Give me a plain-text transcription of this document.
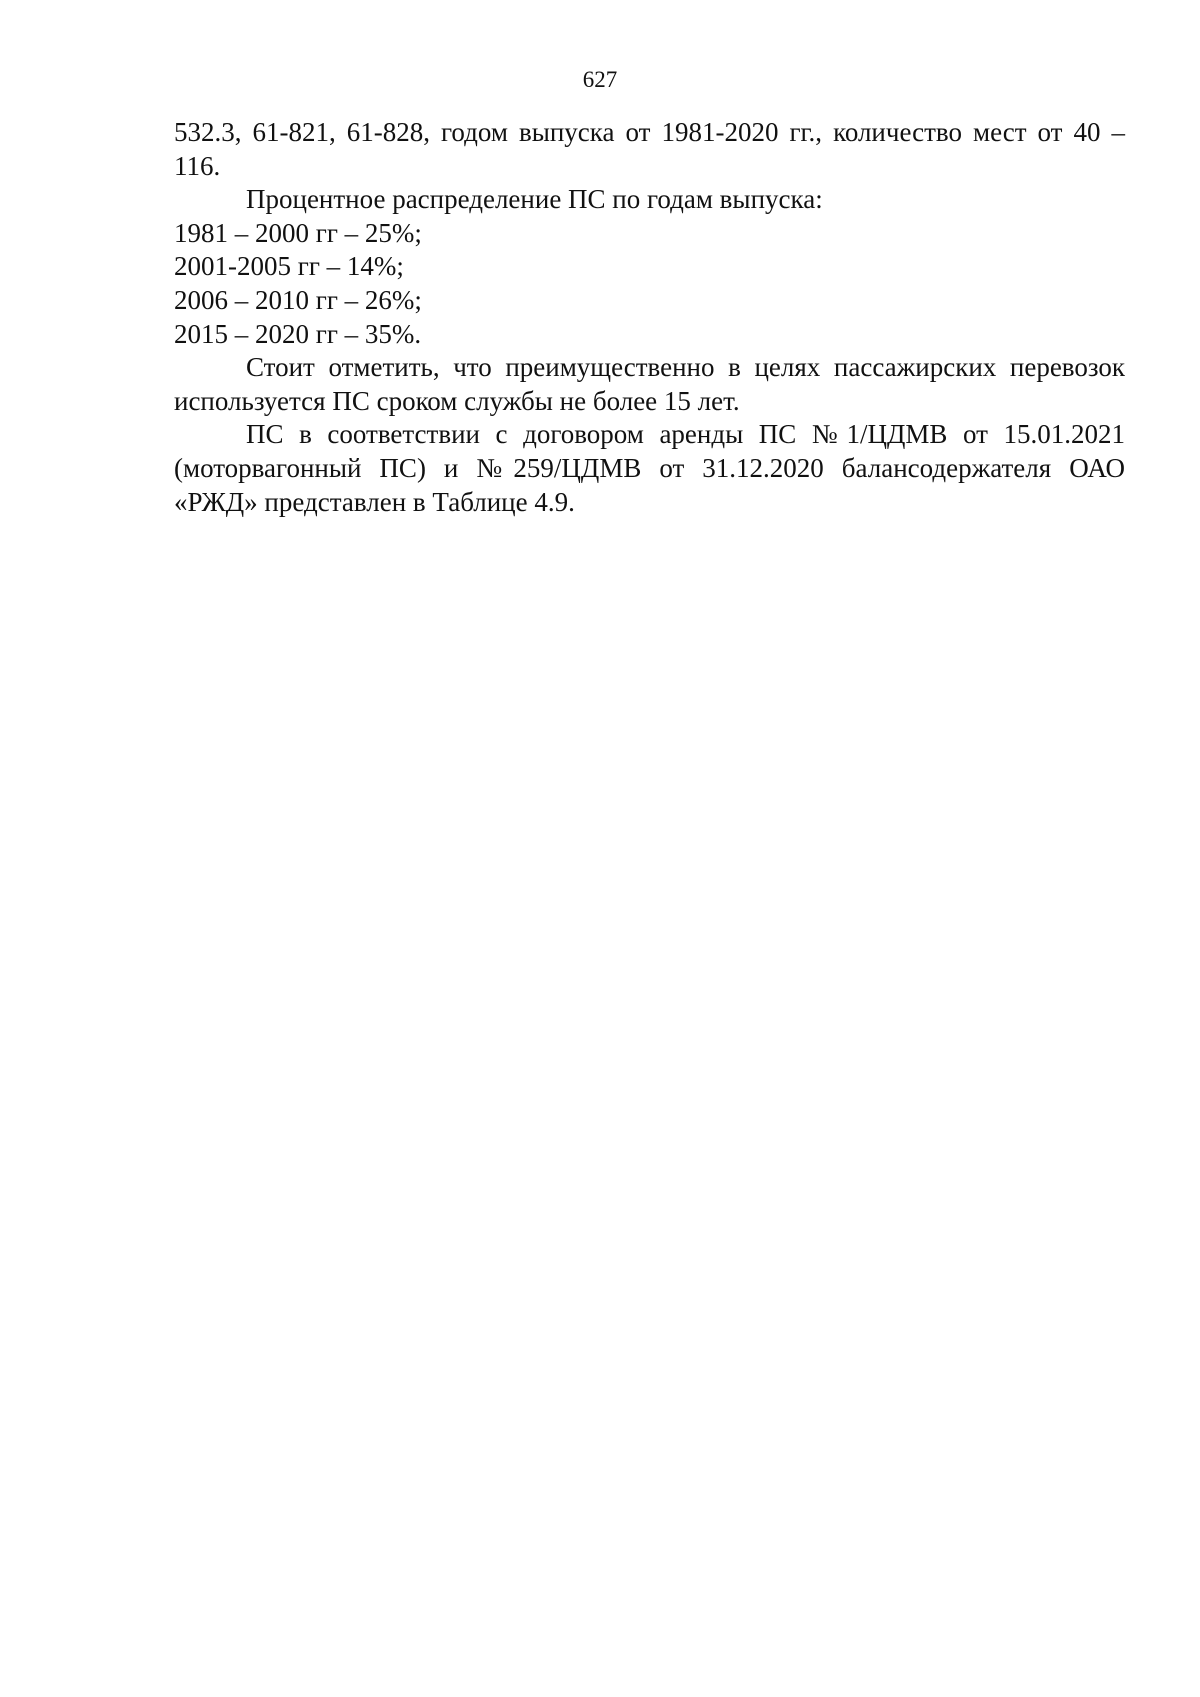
627

532.3, 61-821, 61-828, годом выпуска от 1981-2020 гг., количество мест от 40 – 116.

Процентное распределение ПС по годам выпуска:

1981 – 2000 гг – 25%;

2001-2005 гг – 14%;

2006 – 2010 гг – 26%;

2015 – 2020 гг – 35%.

Стоит отметить, что преимущественно в целях пассажирских перевозок используется ПС сроком службы не более 15 лет.

ПС в соответствии с договором аренды ПС №1/ЦДМВ от 15.01.2021 (моторвагонный ПС) и №259/ЦДМВ от 31.12.2020 балансодержателя ОАО «РЖД» представлен в Таблице 4.9.
